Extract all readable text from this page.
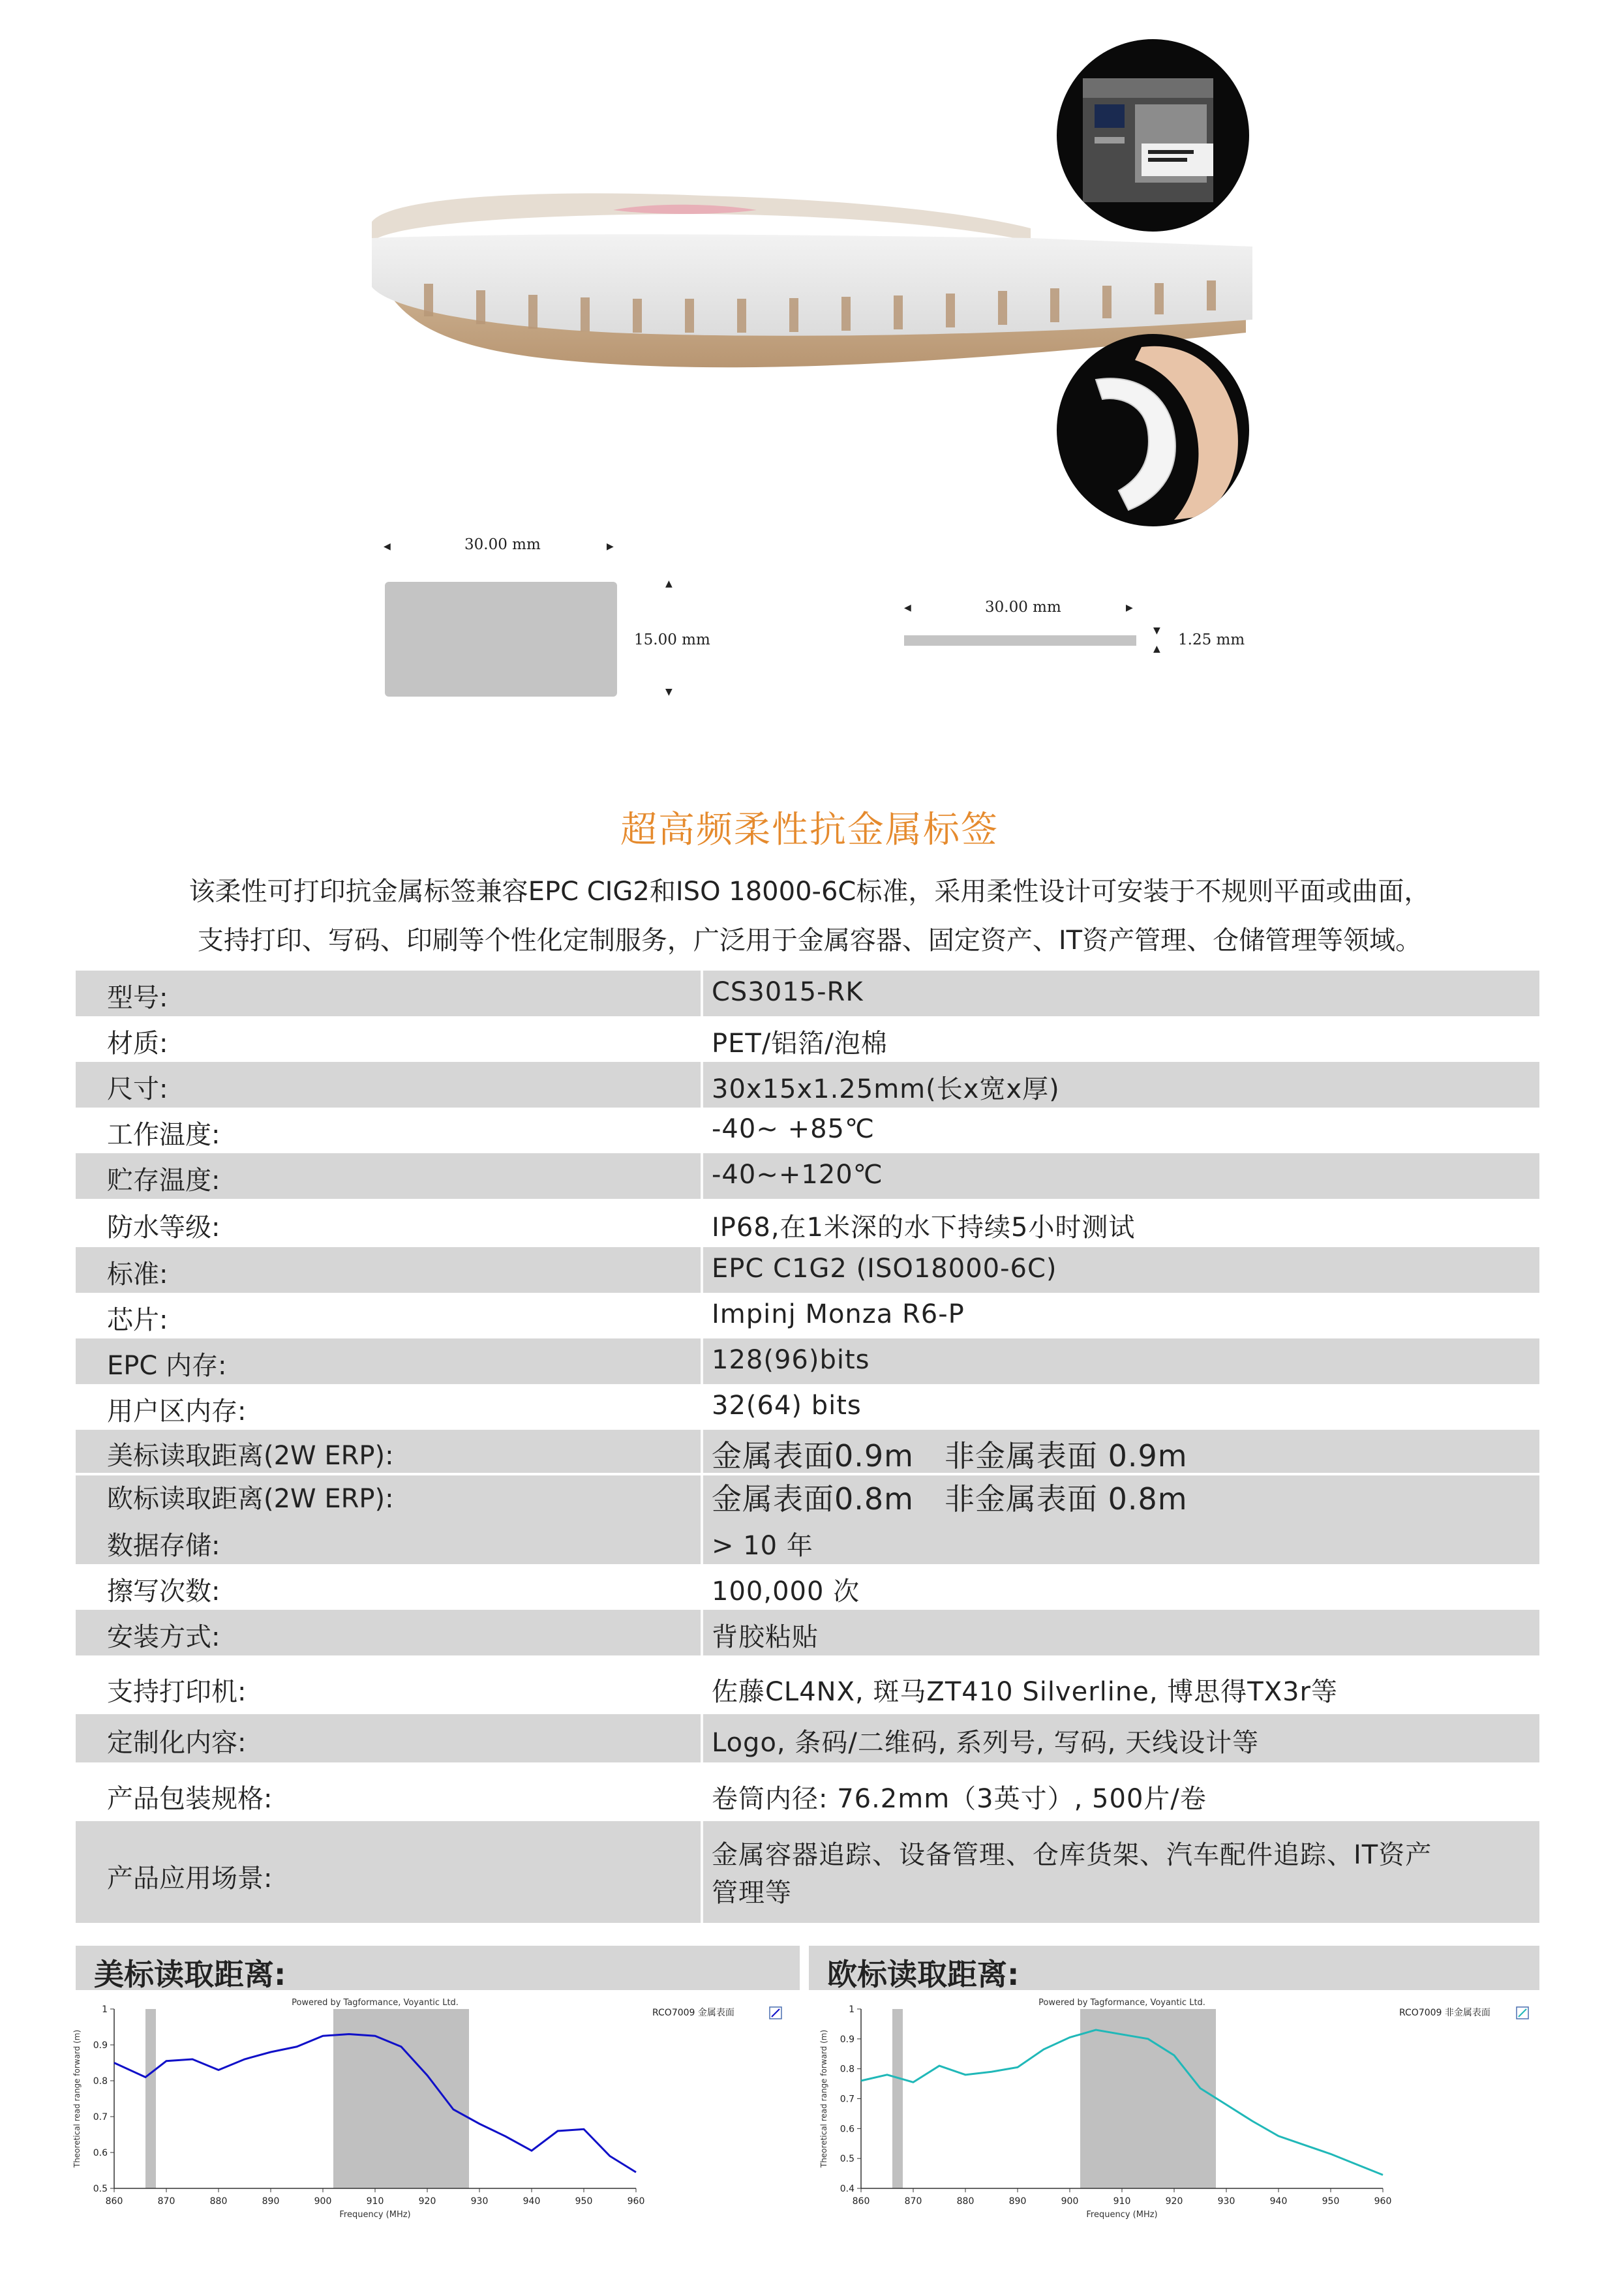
◀	30.00 mm	▶
▲
15.00 mm
▼
◀	30.00 mm	▶
▼
1.25 mm
▲
超高频柔性抗金属标签
该柔性可打印抗金属标签兼容EPC CIG2和ISO 18000-6C标准，采用柔性设计可安装于不规则平面或曲面，
支持打印、写码、印刷等个性化定制服务，广泛用于金属容器、固定资产、IT资产管理、仓储管理等领域。
型号:	CS3015-RK
材质:	PET/铝箔/泡棉
尺寸:	30x15x1.25mm(长x宽x厚)
工作温度:	-40~ +85℃
贮存温度:	-40~+120℃
防水等级:	IP68,在1米深的水下持续5小时测试
标准:	EPC C1G2 (ISO18000-6C)
芯片:	Impinj Monza R6-P
EPC 内存:	128(96)bits
用户区内存:	32(64) bits
美标读取距离(2W ERP):	金属表面0.9m　非金属表面 0.9m
欧标读取距离(2W ERP):	金属表面0.8m　非金属表面 0.8m
数据存储:	> 10 年
擦写次数:	100,000 次
安装方式:	背胶粘贴
支持打印机:	佐藤CL4NX, 斑马ZT410 Silverline, 博思得TX3r等
定制化内容:	Logo, 条码/二维码, 系列号, 写码, 天线设计等
产品包装规格:	卷筒内径: 76.2mm（3英寸）, 500片/卷
产品应用场景:
金属容器追踪、设备管理、仓库货架、汽车配件追踪、IT资产
管理等
美标读取距离:	欧标读取距离:
860	870	880	890	900	910	920	930	940	950	960
0.5
0.6
0.7
0.8
0.9
1
Powered by Tagformance, Voyantic Ltd.
Frequency (MHz)
Theoretical read range forward (m)
RCO7009 金属表面
860	870	880	890	900	910	920	930	940	950	960
0.4
0.5
0.6
0.7
0.8
0.9
1
Powered by Tagformance, Voyantic Ltd.
Frequency (MHz)
Theoretical read range forward (m)
RCO7009 非金属表面
